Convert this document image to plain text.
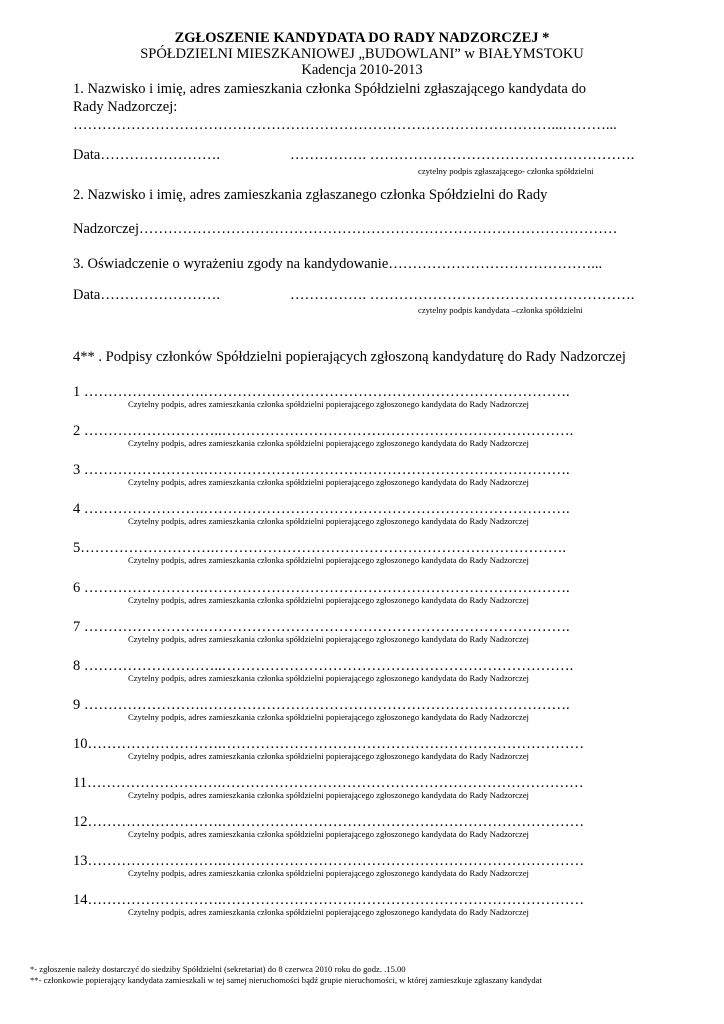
ZGŁOSZENIE KANDYDATA DO RADY NADZORCZEJ *
SPÓŁDZIELNI MIESZKANIOWEJ „BUDOWLANI” w BIAŁYMSTOKU
Kadencja 2010-2013
1. Nazwisko i imię, adres zamieszkania członka Spółdzielni zgłaszającego kandydata do
Rady Nadzorczej:
………………………………………………………………………………………...………...
Data…………………….	……………. ……………………………………………….
czytelny podpis zgłaszającego- członka spółdzielni
2. Nazwisko i imię, adres zamieszkania zgłaszanego członka Spółdzielni do Rady
Nadzorczej………………………………………………………………………………………
3. Oświadczenie o wyrażeniu zgody na kandydowanie……………………………………...
Data…………………….	……………. ……………………………………………….
czytelny podpis kandydata –członka spółdzielni
4** . Podpisy członków Spółdzielni popierających zgłoszoną kandydaturę do Rady Nadzorczej
1 …………………….………………………………………………………………….
Czytelny podpis, adres zamieszkania członka spółdzielni popierającego zgłoszonego kandydata do Rady Nadzorczej
2 ………………………..……………………………………………………………….
Czytelny podpis, adres zamieszkania członka spółdzielni popierającego zgłoszonego kandydata do Rady Nadzorczej
3 …………………….………………………………………………………………….
Czytelny podpis, adres zamieszkania członka spółdzielni popierającego zgłoszonego kandydata do Rady Nadzorczej
4 …………………….………………………………………………………………….
Czytelny podpis, adres zamieszkania członka spółdzielni popierającego zgłoszonego kandydata do Rady Nadzorczej
5……………………….……………………………………………………………….
Czytelny podpis, adres zamieszkania członka spółdzielni popierającego zgłoszonego kandydata do Rady Nadzorczej
6 …………………….………………………………………………………………….
Czytelny podpis, adres zamieszkania członka spółdzielni popierającego zgłoszonego kandydata do Rady Nadzorczej
7 …………………….………………………………………………………………….
Czytelny podpis, adres zamieszkania członka spółdzielni popierającego zgłoszonego kandydata do Rady Nadzorczej
8 ………………………..……………………………………………………………….
Czytelny podpis, adres zamieszkania członka spółdzielni popierającego zgłoszonego kandydata do Rady Nadzorczej
9 …………………….………………………………………………………………….
Czytelny podpis, adres zamieszkania członka spółdzielni popierającego zgłoszonego kandydata do Rady Nadzorczej
10……………………….…………………………………………………………………
Czytelny podpis, adres zamieszkania członka spółdzielni popierającego zgłoszonego kandydata do Rady Nadzorczej
11……………………….…………………………………………………………………
Czytelny podpis, adres zamieszkania członka spółdzielni popierającego zgłoszonego kandydata do Rady Nadzorczej
12……………………….…………………………………………………………………
Czytelny podpis, adres zamieszkania członka spółdzielni popierającego zgłoszonego kandydata do Rady Nadzorczej
13……………………….…………………………………………………………………
Czytelny podpis, adres zamieszkania członka spółdzielni popierającego zgłoszonego kandydata do Rady Nadzorczej
14……………………….…………………………………………………………………
Czytelny podpis, adres zamieszkania członka spółdzielni popierającego zgłoszonego kandydata do Rady Nadzorczej
*- zgłoszenie należy dostarczyć do siedziby Spółdzielni (sekretariat) do 8 czerwca 2010 roku do godz. .15.00
**- członkowie popierający kandydata zamieszkali w tej samej nieruchomości bądź grupie nieruchomości, w której zamieszkuje zgłaszany kandydat
